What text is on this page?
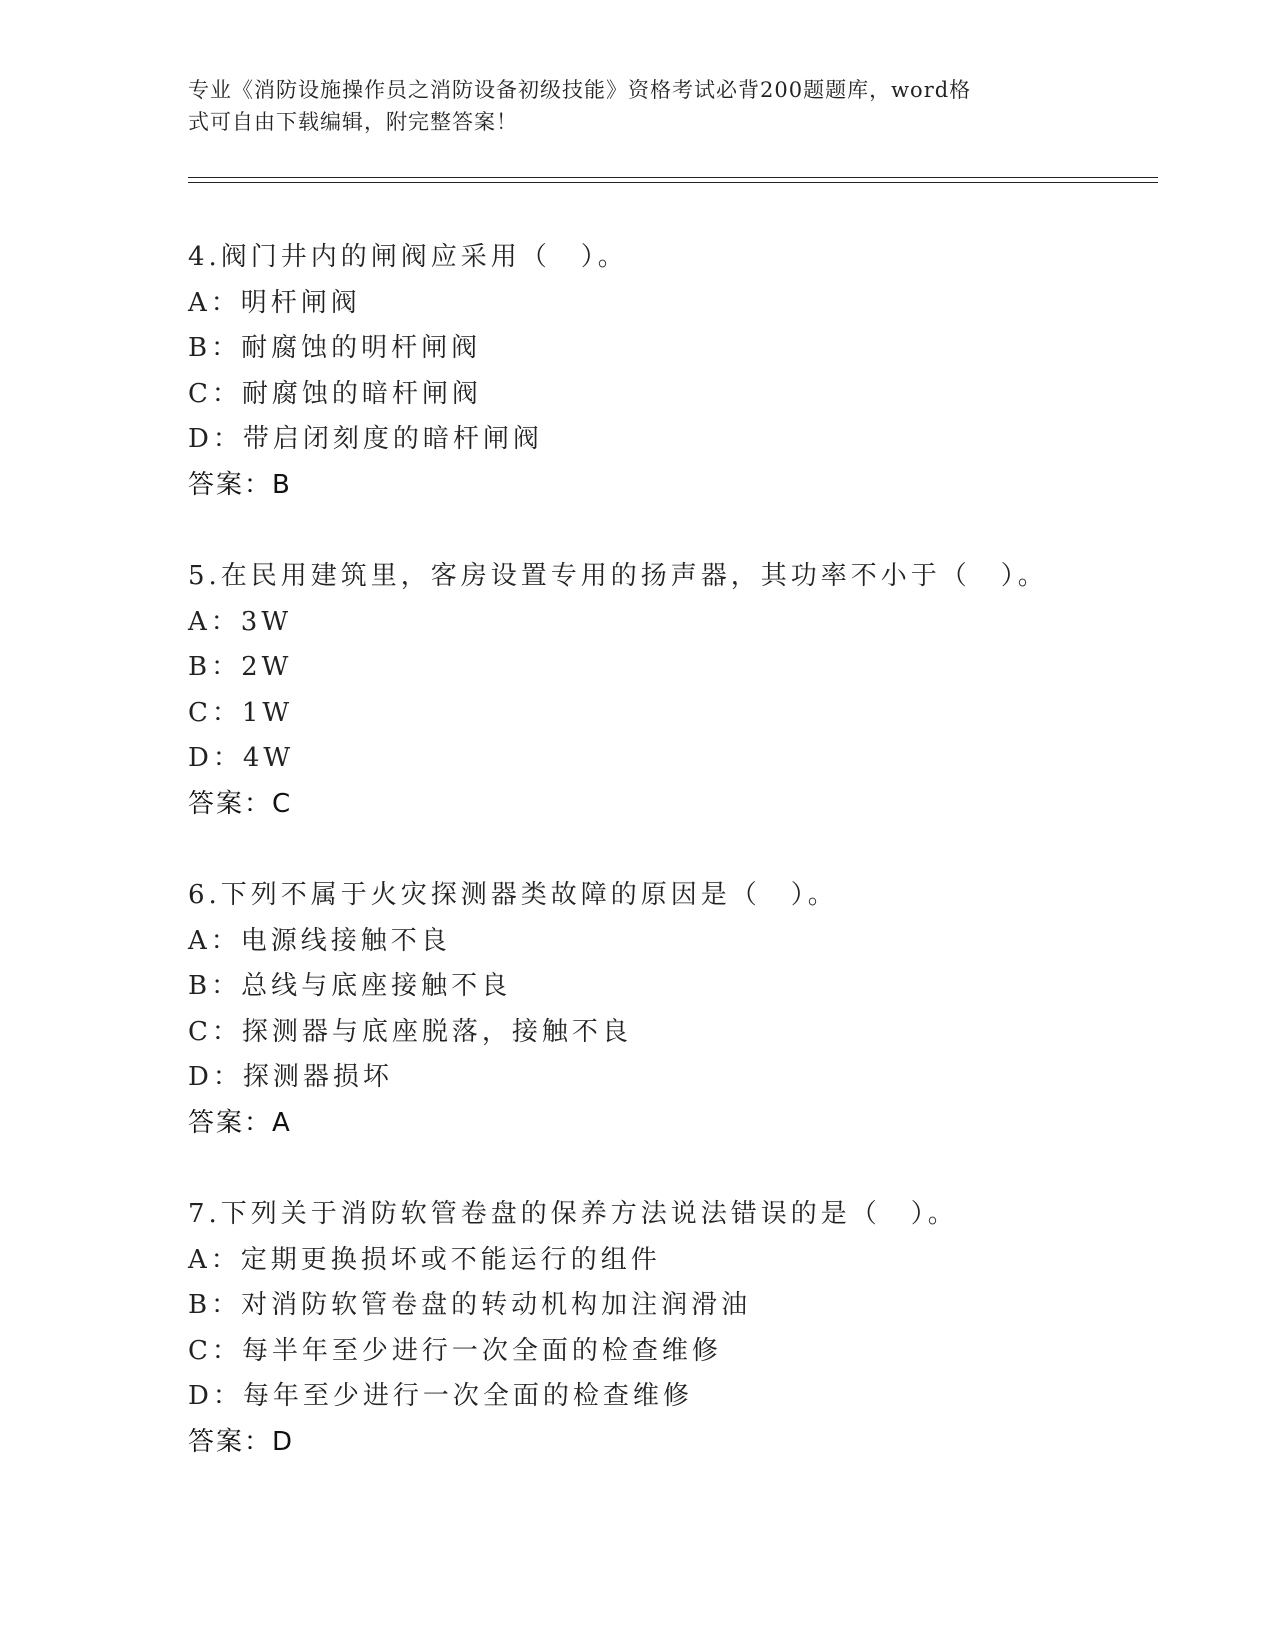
专业《消防设施操作员之消防设备初级技能》资格考试必背200题题库，word格
式可自由下载编辑，附完整答案！
4.阀门井内的闸阀应采用（　）。
A：明杆闸阀
B：耐腐蚀的明杆闸阀
C：耐腐蚀的暗杆闸阀
D：带启闭刻度的暗杆闸阀
答案：B
5.在民用建筑里，客房设置专用的扬声器，其功率不小于（　）。
A：3W
B：2W
C：1W
D：4W
答案：C
6.下列不属于火灾探测器类故障的原因是（　）。
A：电源线接触不良
B：总线与底座接触不良
C：探测器与底座脱落，接触不良
D：探测器损坏
答案：A
7.下列关于消防软管卷盘的保养方法说法错误的是（　）。
A：定期更换损坏或不能运行的组件
B：对消防软管卷盘的转动机构加注润滑油
C：每半年至少进行一次全面的检查维修
D：每年至少进行一次全面的检查维修
答案：D
